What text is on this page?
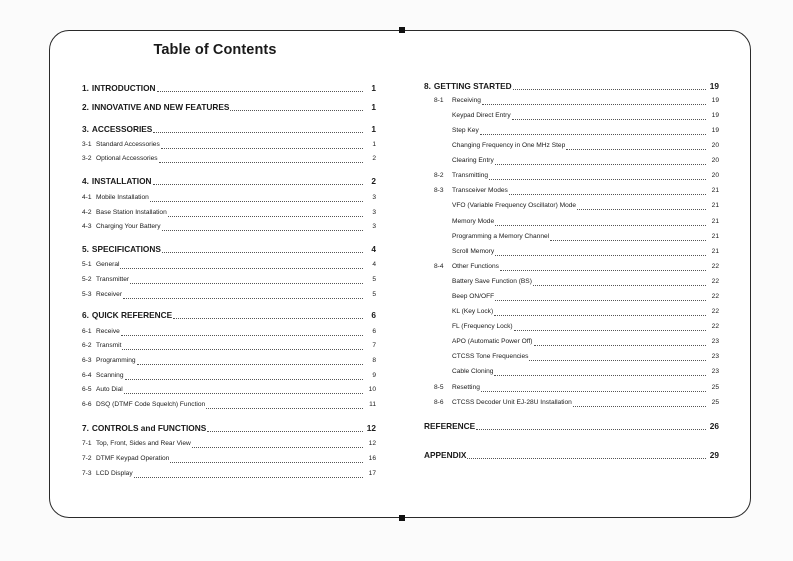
Table of Contents
1. INTRODUCTION	1
2. INNOVATIVE AND NEW FEATURES	1
3. ACCESSORIES	1
3-1 Standard Accessories	1
3-2 Optional Accessories	2
4. INSTALLATION	2
4-1 Mobile Installation	3
4-2 Base Station Installation	3
4-3 Charging Your Battery	3
5. SPECIFICATIONS	4
5-1 General	4
5-2 Transmitter	5
5-3 Receiver	5
6. QUICK REFERENCE	6
6-1 Receive	6
6-2 Transmit	7
6-3 Programming	8
6-4 Scanning	9
6-5 Auto Dial	10
6-6 DSQ (DTMF Code Squelch) Function	11
7. CONTROLS and FUNCTIONS	12
7-1 Top, Front, Sides and Rear View	12
7-2 DTMF Keypad Operation	16
7-3 LCD Display	17
8. GETTING STARTED	19
8-1	Receiving	19
Keypad Direct Entry	19
Step Key	19
Changing Frequency in One MHz Step	20
Clearing Entry	20
8-2	Transmitting	20
8-3	Transceiver Modes	21
VFO (Variable Frequency Oscillator) Mode	21
Memory Mode	21
Programming a Memory Channel	21
Scroll Memory	21
8-4	Other Functions	22
Battery Save Function (BS)	22
Beep ON/OFF	22
KL (Key Lock)	22
FL (Frequency Lock)	22
APO (Automatic Power Off)	23
CTCSS Tone Frequencies	23
Cable Cloning	23
8-5	Resetting	25
8-6	CTCSS Decoder Unit EJ-28U Installation	25
REFERENCE	26
APPENDIX	29
